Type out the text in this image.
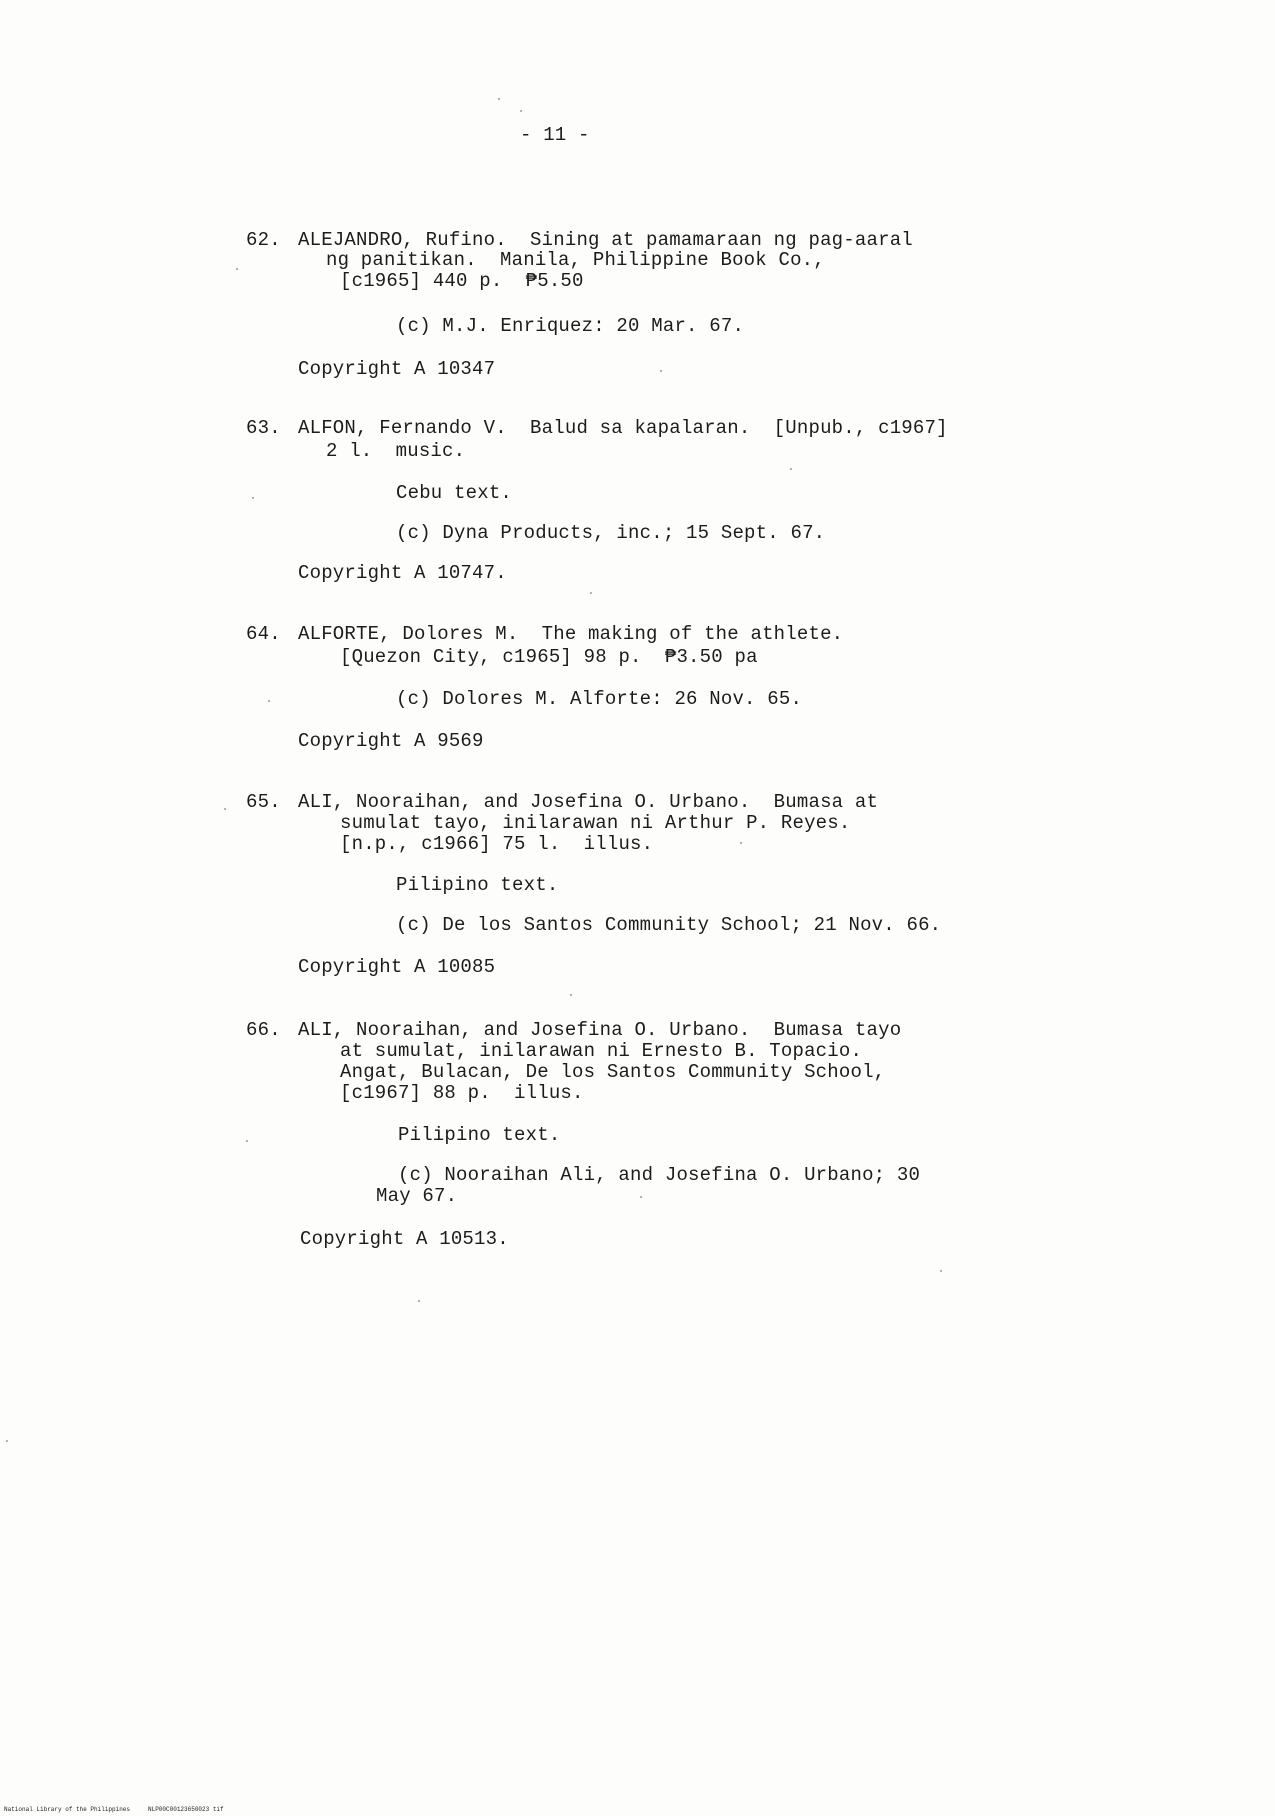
- 11 -
62. ALEJANDRO, Rufino.  Sining at pamamaraan ng pag-aaral
ng panitikan.  Manila, Philippine Book Co.,
[c1965] 440 p.  ₱5.50
(c) M.J. Enriquez: 20 Mar. 67.
Copyright A 10347
63. ALFON, Fernando V.  Balud sa kapalaran.  [Unpub., c1967]
2 l.  music.
Cebu text.
(c) Dyna Products, inc.; 15 Sept. 67.
Copyright A 10747.
64. ALFORTE, Dolores M.  The making of the athlete.
[Quezon City, c1965] 98 p.  ₱3.50 pa
(c) Dolores M. Alforte: 26 Nov. 65.
Copyright A 9569
65. ALI, Nooraihan, and Josefina O. Urbano.  Bumasa at
sumulat tayo, inilarawan ni Arthur P. Reyes.
[n.p., c1966] 75 l.  illus.
Pilipino text.
(c) De los Santos Community School; 21 Nov. 66.
Copyright A 10085
66. ALI, Nooraihan, and Josefina O. Urbano.  Bumasa tayo
at sumulat, inilarawan ni Ernesto B. Topacio.
Angat, Bulacan, De los Santos Community School,
[c1967] 88 p.  illus.
Pilipino text.
(c) Nooraihan Ali, and Josefina O. Urbano; 30
May 67.
Copyright A 10513.
National Library of the Philippines     NLP00C00123650023 tif
